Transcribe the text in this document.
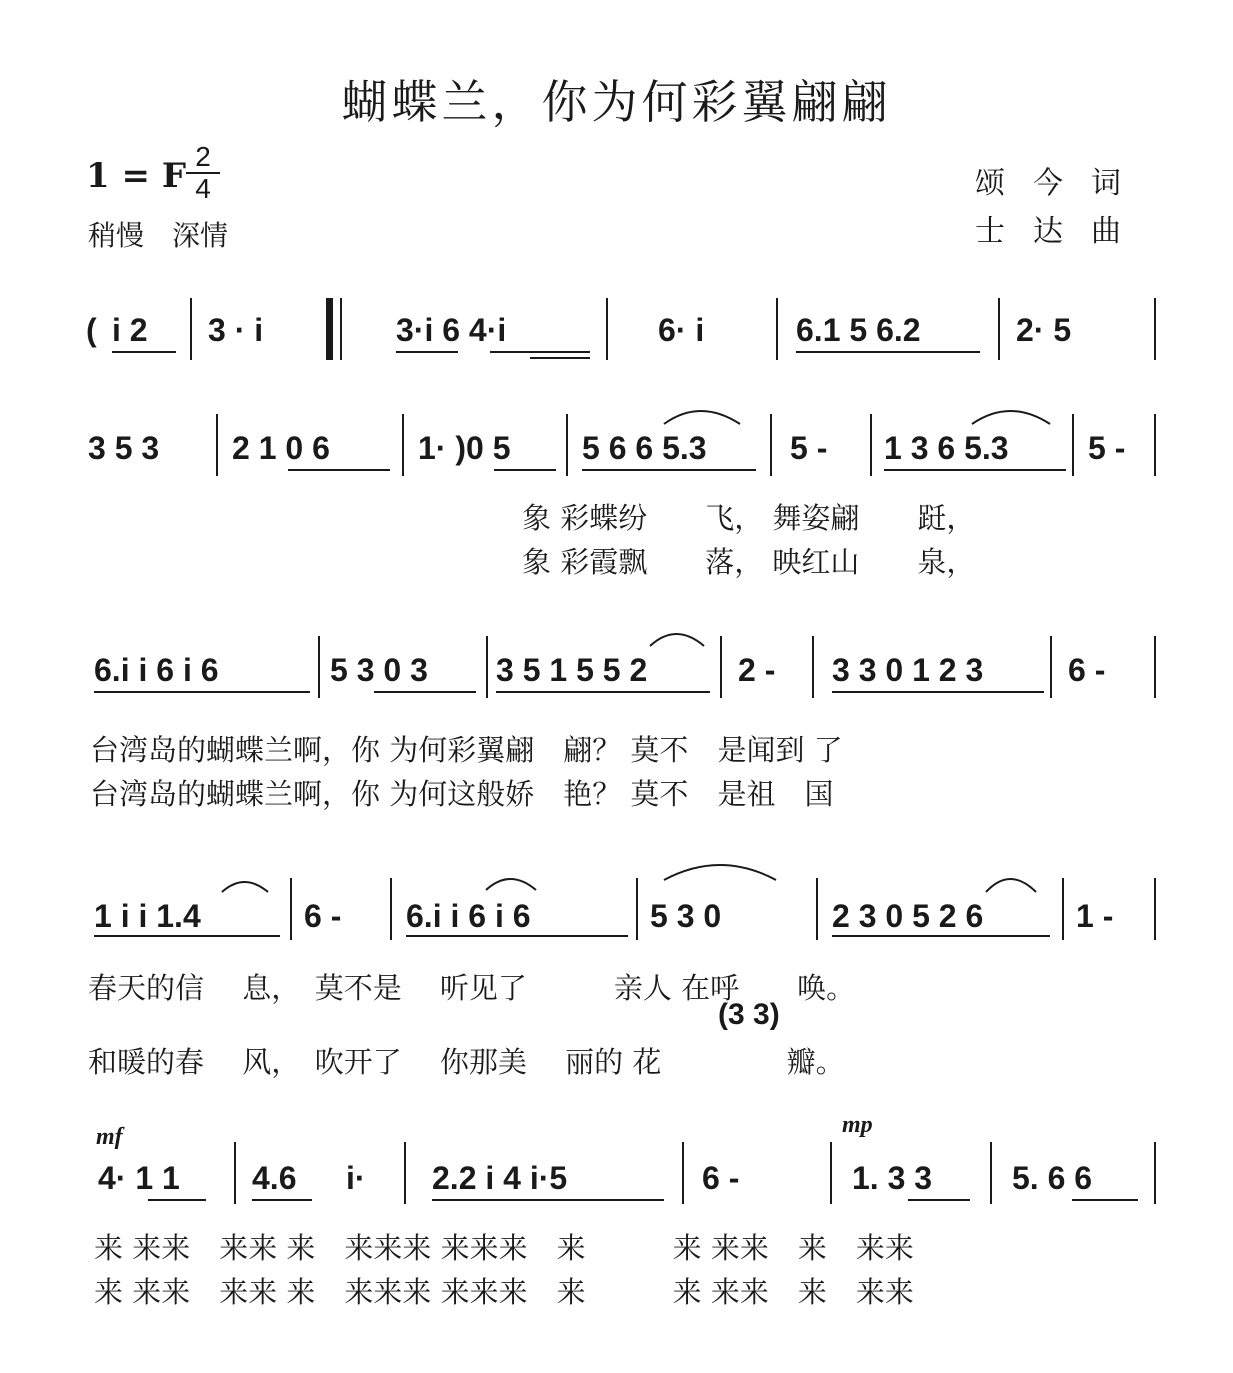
蝴蝶兰，你为何彩翼翩翩
1 = F 2
4
稍慢　深情
颂今词
士达曲
( i 2 3 · i	3·i 6 4·i	6· i	6.1 5 6.2	2· 5
3 5 3 2 1 0 6	1· )0 5 5 6 6 5.3	5 - 1 3 6 5.3 5 -
象 彩蝶纷　　飞， 舞姿翩　　跹，
象 彩霞飘　　落， 映红山　　泉，
6.i i 6 i 6	5 3 0 3 3 5 1 5 5 2	2 - 3 3 0 1 2 3	6 -
台湾岛的蝴蝶兰啊，你 为何彩翼翩　翩？ 莫不　是闻到 了
台湾岛的蝴蝶兰啊，你 为何这般娇　艳？ 莫不　是祖　国
1 i i 1.4	6 - 6.i i 6 i 6	5 3 0	2 3 0 5 2 6	1 -
春天的信　 息，　莫不是　 听见了　　　亲人 在呼　　唤。
(3 3)
和暖的春　 风，　吹开了　 你那美　 丽的 花　　　　 瓣。
mf	mp
4· 1 1 4.6 i· 2.2 i 4 i·5	6 -	1. 3 3 5. 6 6
来 来来　来来 来　来来来 来来来　来　　　来 来来　来　来来
来 来来　来来 来　来来来 来来来　来　　　来 来来　来　来来
